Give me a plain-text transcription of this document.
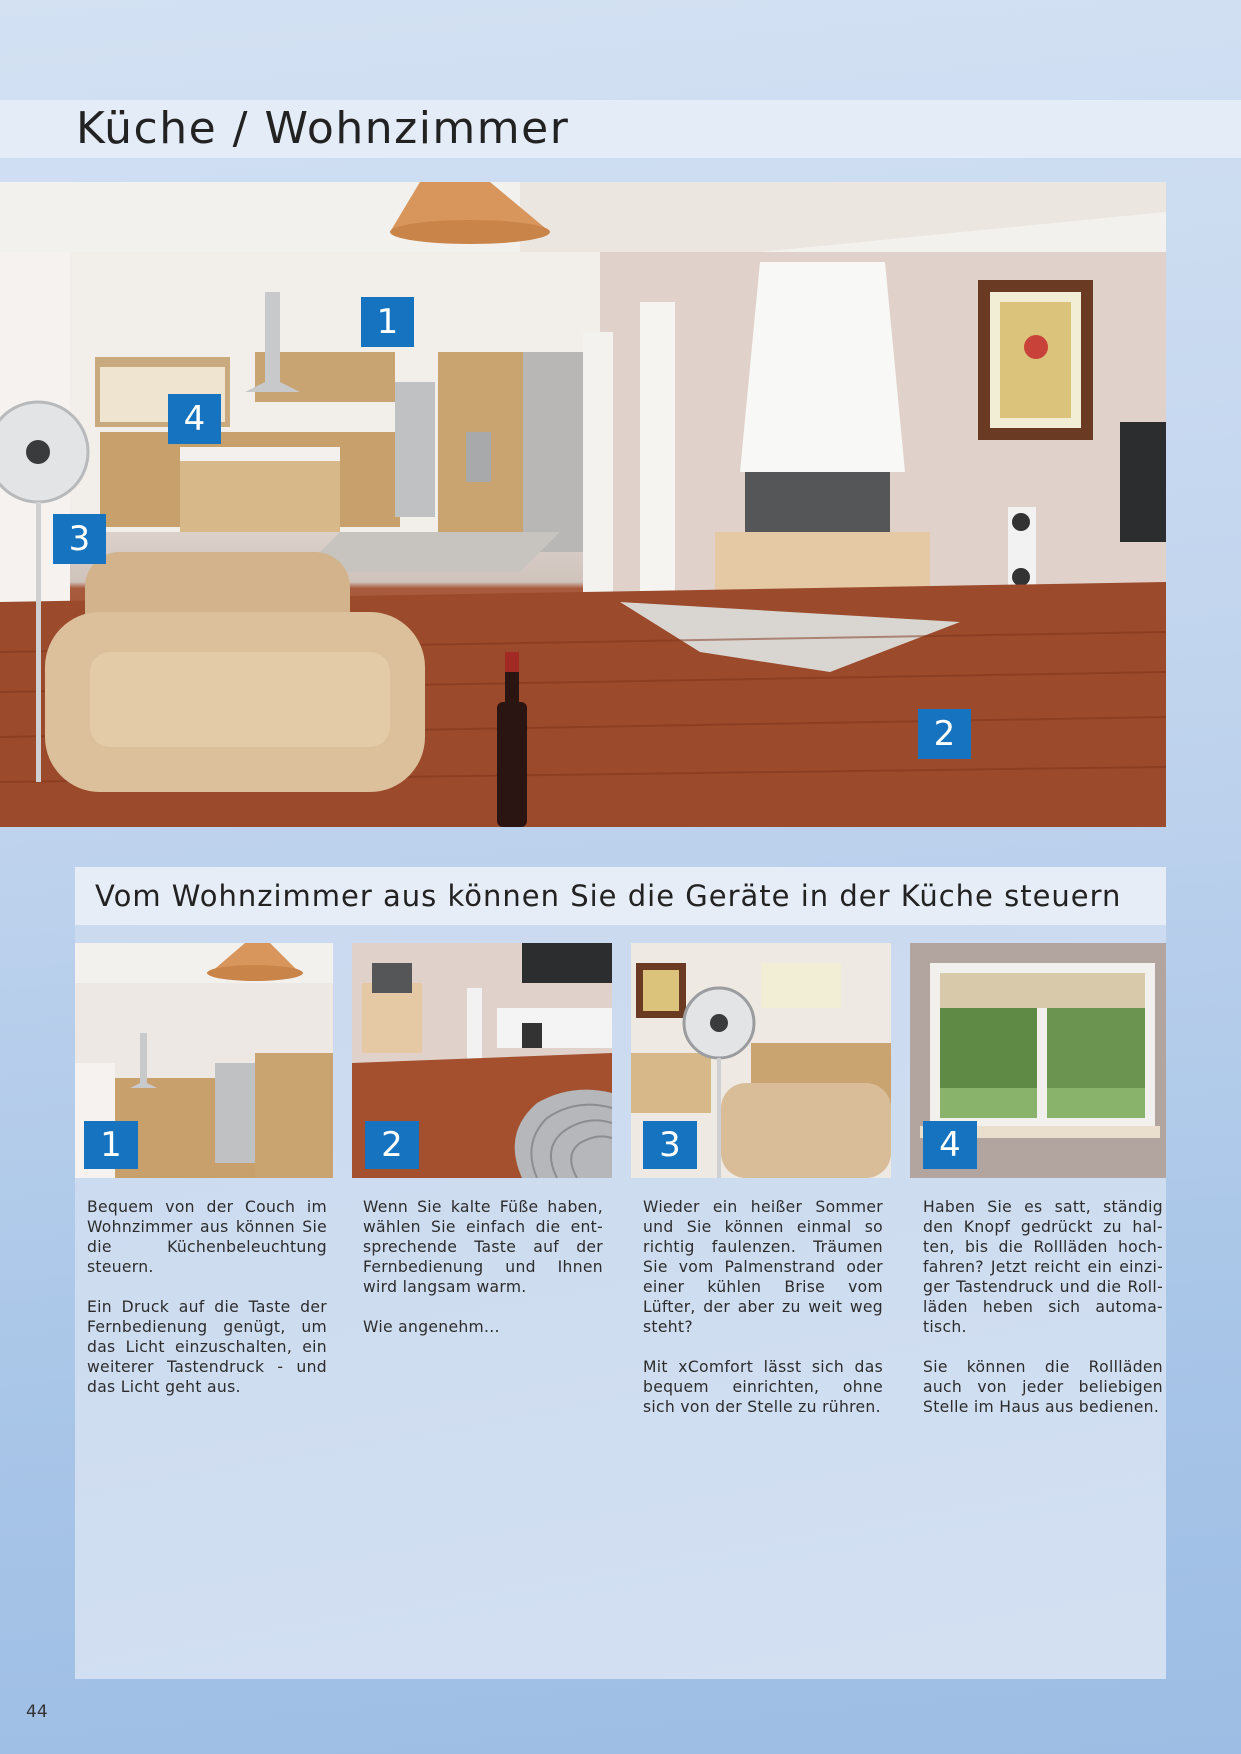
Küche / Wohnzimmer
1
4
3
2
Vom Wohnzimmer aus können Sie die Geräte in der Küche steuern
1	2	3	4

Bequem von der Couch im Wohnzimmer aus können Sie die Küchenbeleuchtung steuern.

Ein Druck auf die Taste der Fernbedienung genügt, um das Licht einzuschalten, ein weiterer Tastendruck - und das Licht geht aus.

Wenn Sie kalte Füße haben, wählen Sie einfach die ent-sprechende Taste auf der Fernbedienung und Ihnen wird langsam warm.

Wie angenehm...

Wieder ein heißer Sommer und Sie können einmal so richtig faulenzen. Träumen Sie vom Palmenstrand oder einer kühlen Brise vom Lüfter, der aber zu weit weg steht?

Mit xComfort lässt sich das bequem einrichten, ohne sich von der Stelle zu rühren.

Haben Sie es satt, ständig den Knopf gedrückt zu hal-ten, bis die Rollläden hoch-fahren? Jetzt reicht ein einzi-ger Tastendruck und die Roll-läden heben sich automa-tisch.

Sie können die Rollläden auch von jeder beliebigen Stelle im Haus aus bedienen.

44
